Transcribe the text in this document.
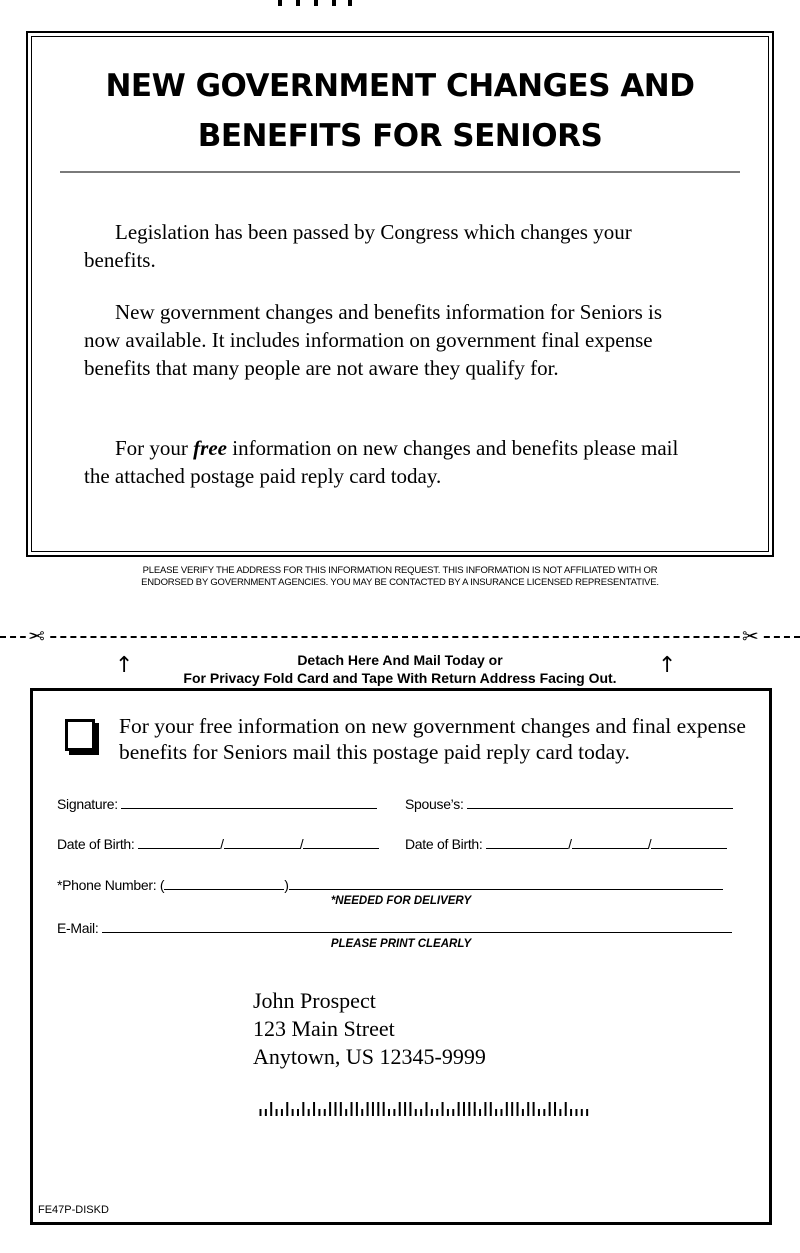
NEW GOVERNMENT CHANGES AND
BENEFITS FOR SENIORS
Legislation has been passed by Congress which changes your benefits.
New government changes and benefits information for Seniors is now available. It includes information on government final expense benefits that many people are not aware they qualify for.
For your free information on new changes and benefits please mail the attached postage paid reply card today.
PLEASE VERIFY THE ADDRESS FOR THIS INFORMATION REQUEST. THIS INFORMATION IS NOT AFFILIATED WITH OR
ENDORSED BY GOVERNMENT AGENCIES. YOU MAY BE CONTACTED BY A INSURANCE LICENSED REPRESENTATIVE.
✂	✂
↑	↑
Detach Here And Mail Today or
For Privacy Fold Card and Tape With Return Address Facing Out.
For your free information on new government changes and final expense benefits for Seniors mail this postage paid reply card today.
Signature:	Spouse’s:
Date of Birth:	/	/	Date of Birth:	/	/
*Phone Number: (	)
*NEEDED FOR DELIVERY
E-Mail:
PLEASE PRINT CLEARLY
John Prospect
123 Main Street
Anytown, US 12345-9999
FE47P-DISKD
